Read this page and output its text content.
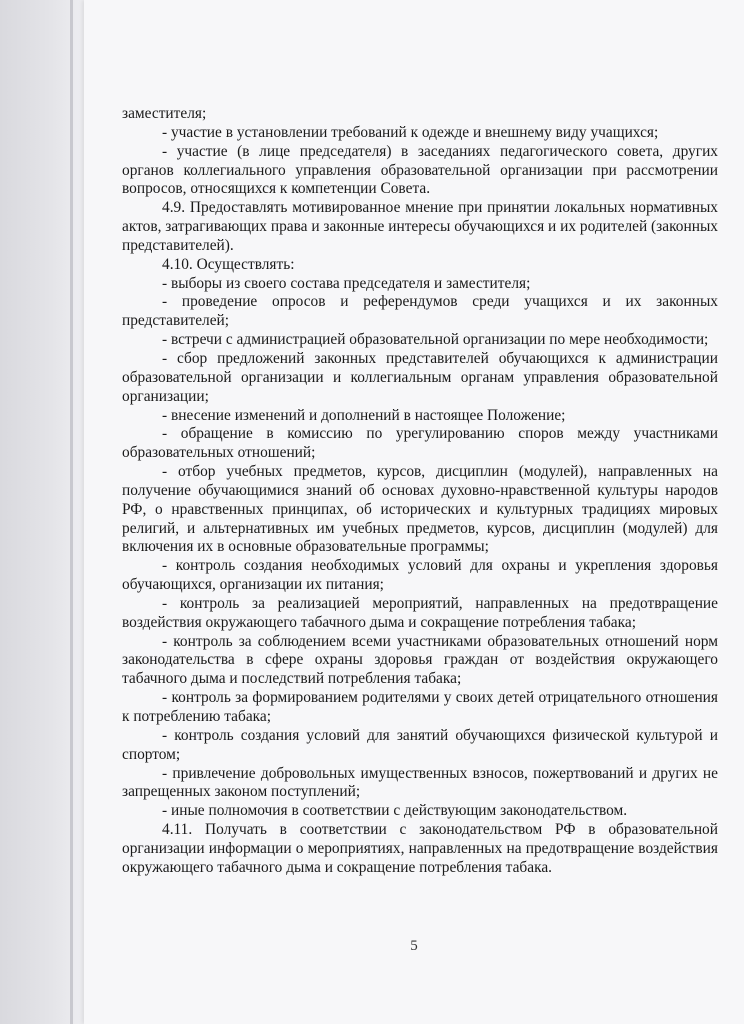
заместителя;

- участие в установлении требований к одежде и внешнему виду учащихся;

- участие (в лице председателя) в заседаниях педагогического совета, других органов коллегиального управления образовательной организации при рассмотрении вопросов, относящихся к компетенции Совета.

4.9. Предоставлять мотивированное мнение при принятии локальных нормативных актов, затрагивающих права и законные интересы обучающихся и их родителей (законных представителей).

4.10. Осуществлять:

- выборы из своего состава председателя и заместителя;

- проведение опросов и референдумов среди учащихся и их законных представителей;

- встречи с администрацией образовательной организации по мере необходимости;

- сбор предложений законных представителей обучающихся к администрации образовательной организации и коллегиальным органам управления образовательной организации;

- внесение изменений и дополнений в настоящее Положение;

- обращение в комиссию по урегулированию споров между участниками образовательных отношений;

- отбор учебных предметов, курсов, дисциплин (модулей), направленных на получение обучающимися знаний об основах духовно-нравственной культуры народов РФ, о нравственных принципах, об исторических и культурных традициях мировых религий, и альтернативных им учебных предметов, курсов, дисциплин (модулей) для включения их в основные образовательные программы;

- контроль создания необходимых условий для охраны и укрепления здоровья обучающихся, организации их питания;

- контроль за реализацией мероприятий, направленных на предотвращение воздействия окружающего табачного дыма и сокращение потребления табака;

- контроль за соблюдением всеми участниками образовательных отношений норм законодательства в сфере охраны здоровья граждан от воздействия окружающего табачного дыма и последствий потребления табака;

- контроль за формированием родителями у своих детей отрицательного отношения к потреблению табака;

- контроль создания условий для занятий обучающихся физической культурой и спортом;

- привлечение добровольных имущественных взносов, пожертвований и других не запрещенных законом поступлений;

- иные полномочия в соответствии с действующим законодательством.

4.11. Получать в соответствии с законодательством РФ в образовательной организации информации о мероприятиях, направленных на предотвращение воздействия окружающего табачного дыма и сокращение потребления табака.

5
